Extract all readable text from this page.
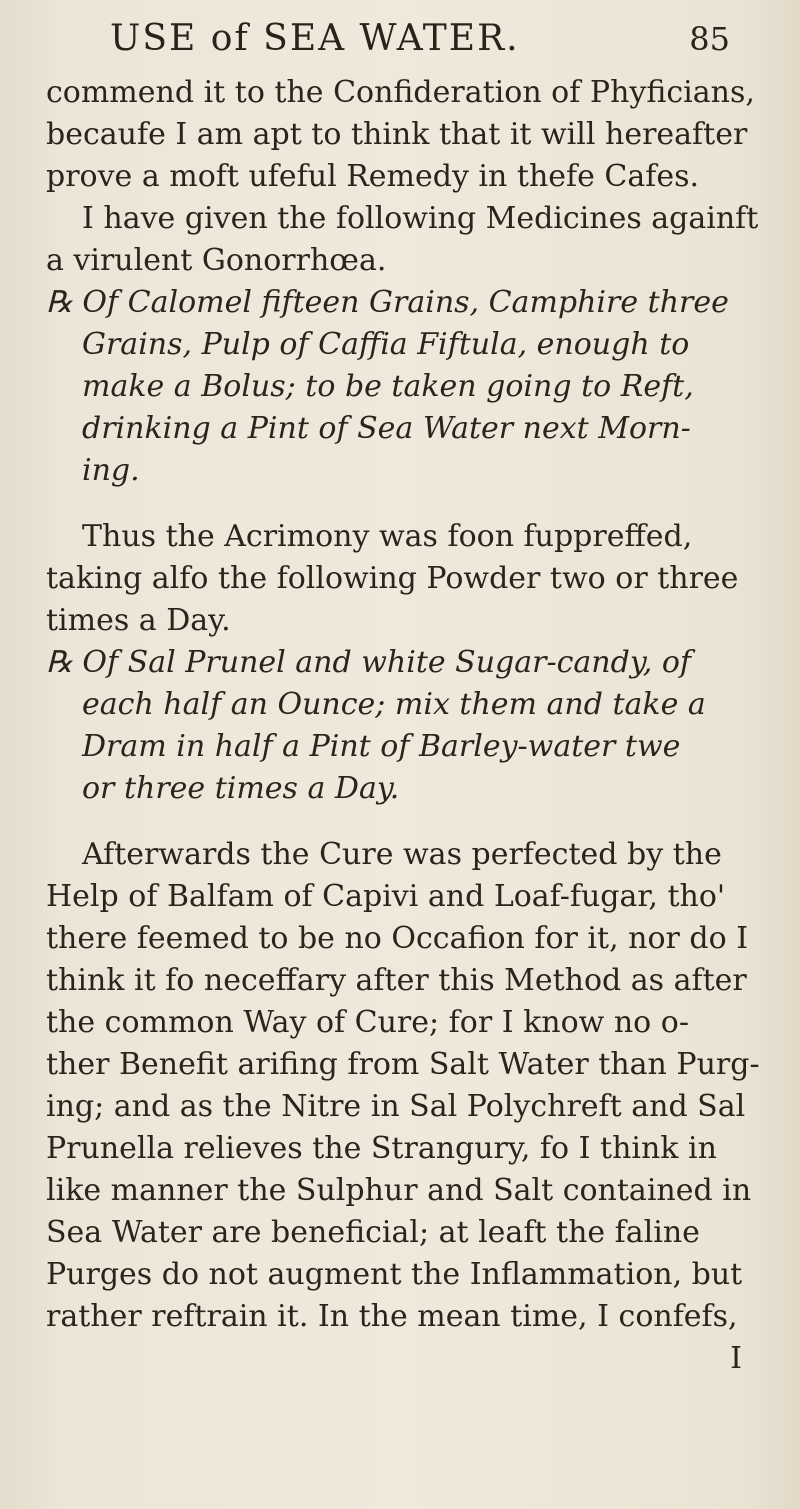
USE of SEA WATER.	85
commend it to the Confideration of Phyficians,
becaufe I am apt to think that it will hereafter
prove a moft ufeful Remedy in thefe Cafes.
I have given the following Medicines againft
a virulent Gonorrhœa.
℞ Of Calomel fifteen Grains, Camphire three
Grains, Pulp of Caffia Fiftula, enough to
make a Bolus; to be taken going to Reft,
drinking a Pint of Sea Water next Morn-
ing.
Thus the Acrimony was foon fuppreffed,
taking alfo the following Powder two or three
times a Day.
℞ Of Sal Prunel and white Sugar-candy, of
each half an Ounce; mix them and take a
Dram in half a Pint of Barley-water twe
or three times a Day.
Afterwards the Cure was perfected by the
Help of Balfam of Capivi and Loaf-fugar, tho'
there feemed to be no Occafion for it, nor do I
think it fo neceffary after this Method as after
the common Way of Cure; for I know no o-
ther Benefit arifing from Salt Water than Purg-
ing; and as the Nitre in Sal Polychreft and Sal
Prunella relieves the Strangury, fo I think in
like manner the Sulphur and Salt contained in
Sea Water are beneficial; at leaft the faline
Purges do not augment the Inflammation, but
rather reftrain it. In the mean time, I confefs,
I
